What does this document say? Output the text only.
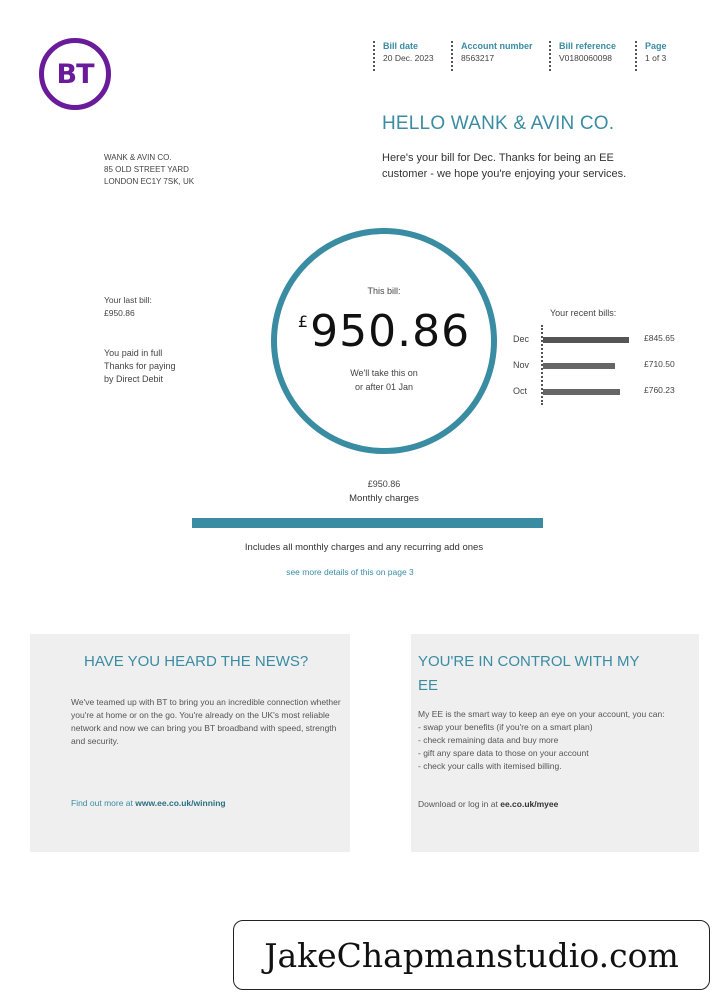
BT
Bill date
20 Dec. 2023
Account number
8563217
Bill reference
V0180060098
Page
1 of 3
HELLO WANK & AVIN CO.
Here's your bill for Dec. Thanks for being an EE customer - we hope you're enjoying your services.
WANK & AVIN CO.
85 OLD STREET YARD
LONDON EC1Y 7SK, UK
Your last bill:
£950.86
You paid in full
Thanks for paying
by Direct Debit
This bill:
£950.86
We'll take this on
or after 01 Jan
Your recent bills:
Dec	£845.65
Nov	£710.50
Oct	£760.23
£950.86
Monthly charges
Includes all monthly charges and any recurring add ones
see more details of this on page 3
HAVE YOU HEARD THE NEWS?
We've teamed up with BT to bring you an incredible connection whether you're at home or on the go. You're already on the UK's most reliable network and now we can bring you BT broadband with speed, strength and security.
Find out more at www.ee.co.uk/winning
YOU'RE IN CONTROL WITH MY EE
My EE is the smart way to keep an eye on your account, you can:
- swap your benefits (if you're on a smart plan)
- check remaining data and buy more
- gift any spare data to those on your account
- check your calls with itemised billing.
Download or log in at ee.co.uk/myee
JakeChapmanstudio.com
